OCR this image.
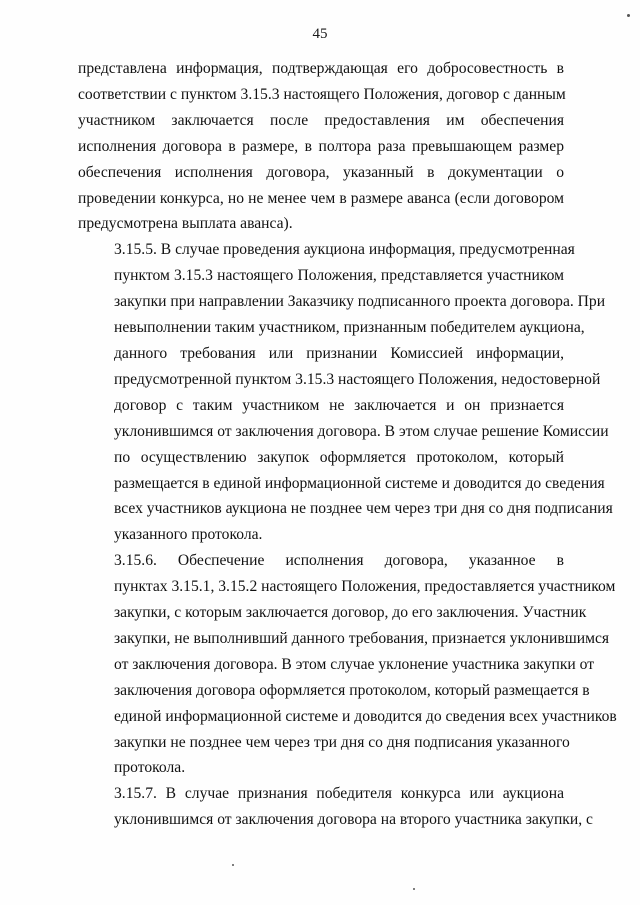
45
представлена информация, подтверждающая его добросовестность в
соответствии с пунктом 3.15.3 настоящего Положения, договор с данным
участником заключается после предоставления им обеспечения
исполнения договора в размере, в полтора раза превышающем размер
обеспечения исполнения договора, указанный в документации о
проведении конкурса, но не менее чем в размере аванса (если договором
предусмотрена выплата аванса).
3.15.5. В случае проведения аукциона информация, предусмотренная
пунктом 3.15.3 настоящего Положения, представляется участником
закупки при направлении Заказчику подписанного проекта договора. При
невыполнении таким участником, признанным победителем аукциона,
данного требования или признании Комиссией информации,
предусмотренной пунктом 3.15.3 настоящего Положения, недостоверной
договор с таким участником не заключается и он признается
уклонившимся от заключения договора. В этом случае решение Комиссии
по осуществлению закупок оформляется протоколом, который
размещается в единой информационной системе и доводится до сведения
всех участников аукциона не позднее чем через три дня со дня подписания
указанного протокола.
3.15.6. Обеспечение исполнения договора, указанное в
пунктах 3.15.1, 3.15.2 настоящего Положения, предоставляется участником
закупки, с которым заключается договор, до его заключения. Участник
закупки, не выполнивший данного требования, признается уклонившимся
от заключения договора. В этом случае уклонение участника закупки от
заключения договора оформляется протоколом, который размещается в
единой информационной системе и доводится до сведения всех участников
закупки не позднее чем через три дня со дня подписания указанного
протокола.
3.15.7. В случае признания победителя конкурса или аукциона
уклонившимся от заключения договора на второго участника закупки, с
